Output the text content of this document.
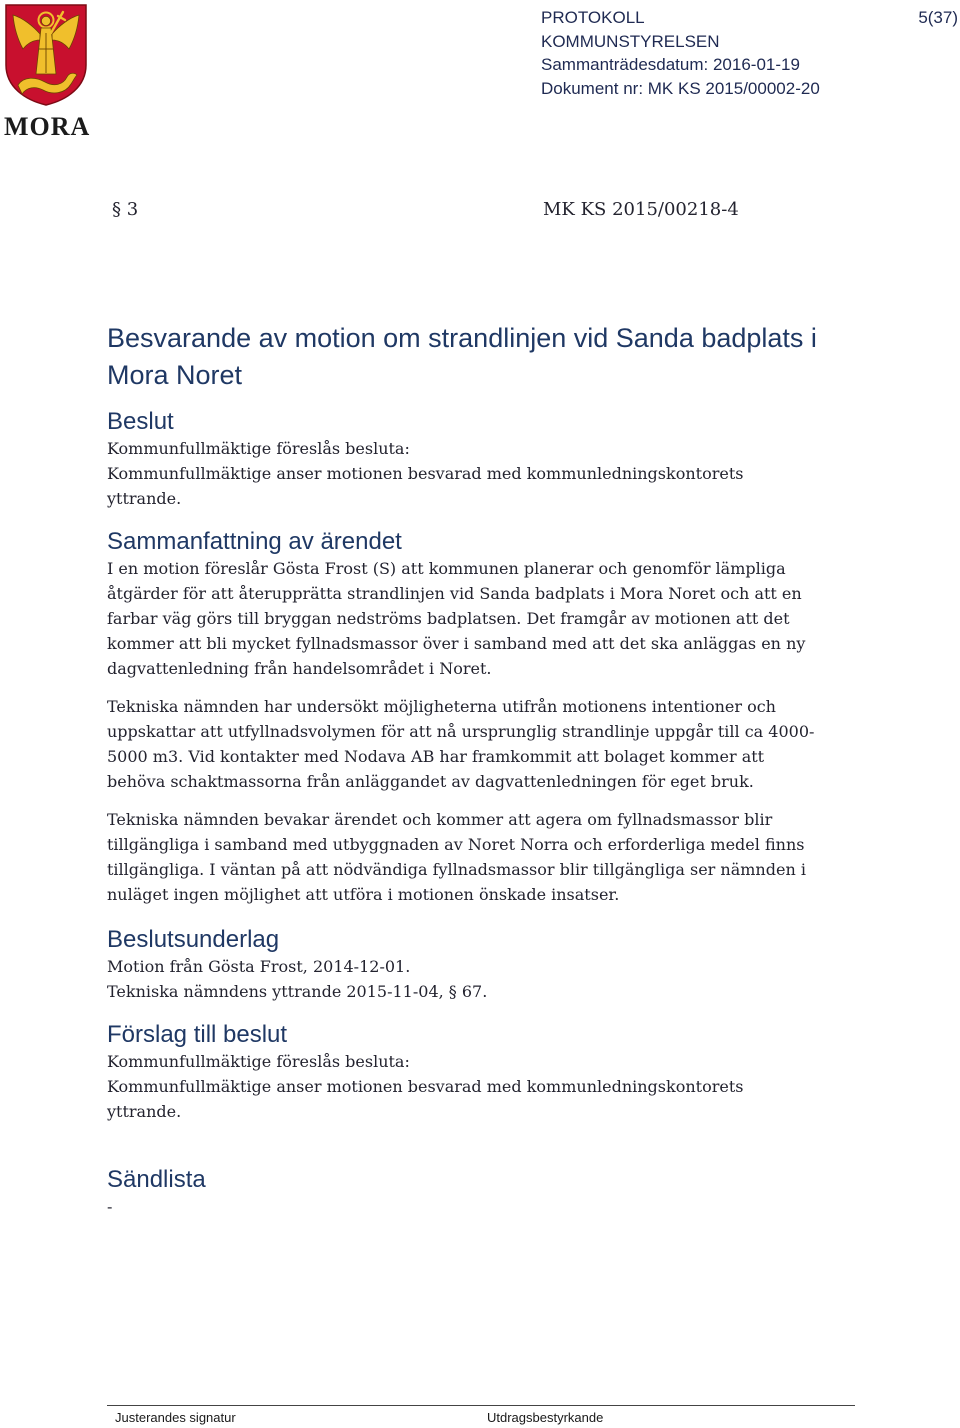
MORA
PROTOKOLL
KOMMUNSTYRELSEN
Sammanträdesdatum: 2016-01-19
Dokument nr: MK KS 2015/00002-20
5(37)
§ 3	MK KS 2015/00218-4
Besvarande av motion om strandlinjen vid Sanda badplats i
Mora Noret
Beslut

Kommunfullmäktige föreslås besluta:
Kommunfullmäktige anser motionen besvarad med kommunledningskontorets
yttrande.

Sammanfattning av ärendet

I en motion föreslår Gösta Frost (S) att kommunen planerar och genomför lämpliga
åtgärder för att återupprätta strandlinjen vid Sanda badplats i Mora Noret och att en
farbar väg görs till bryggan nedströms badplatsen. Det framgår av motionen att det
kommer att bli mycket fyllnadsmassor över i samband med att det ska anläggas en ny
dagvattenledning från handelsområdet i Noret.

Tekniska nämnden har undersökt möjligheterna utifrån motionens intentioner och
uppskattar att utfyllnadsvolymen för att nå ursprunglig strandlinje uppgår till ca 4000-
5000 m3. Vid kontakter med Nodava AB har framkommit att bolaget kommer att
behöva schaktmassorna från anläggandet av dagvattenledningen för eget bruk.

Tekniska nämnden bevakar ärendet och kommer att agera om fyllnadsmassor blir
tillgängliga i samband med utbyggnaden av Noret Norra och erforderliga medel finns
tillgängliga. I väntan på att nödvändiga fyllnadsmassor blir tillgängliga ser nämnden i
nuläget ingen möjlighet att utföra i motionen önskade insatser.

Beslutsunderlag

Motion från Gösta Frost, 2014-12-01.
Tekniska nämndens yttrande 2015-11-04, § 67.

Förslag till beslut

Kommunfullmäktige föreslås besluta:
Kommunfullmäktige anser motionen besvarad med kommunledningskontorets
yttrande.

Sändlista

-

Justerandes signatur	Utdragsbestyrkande
